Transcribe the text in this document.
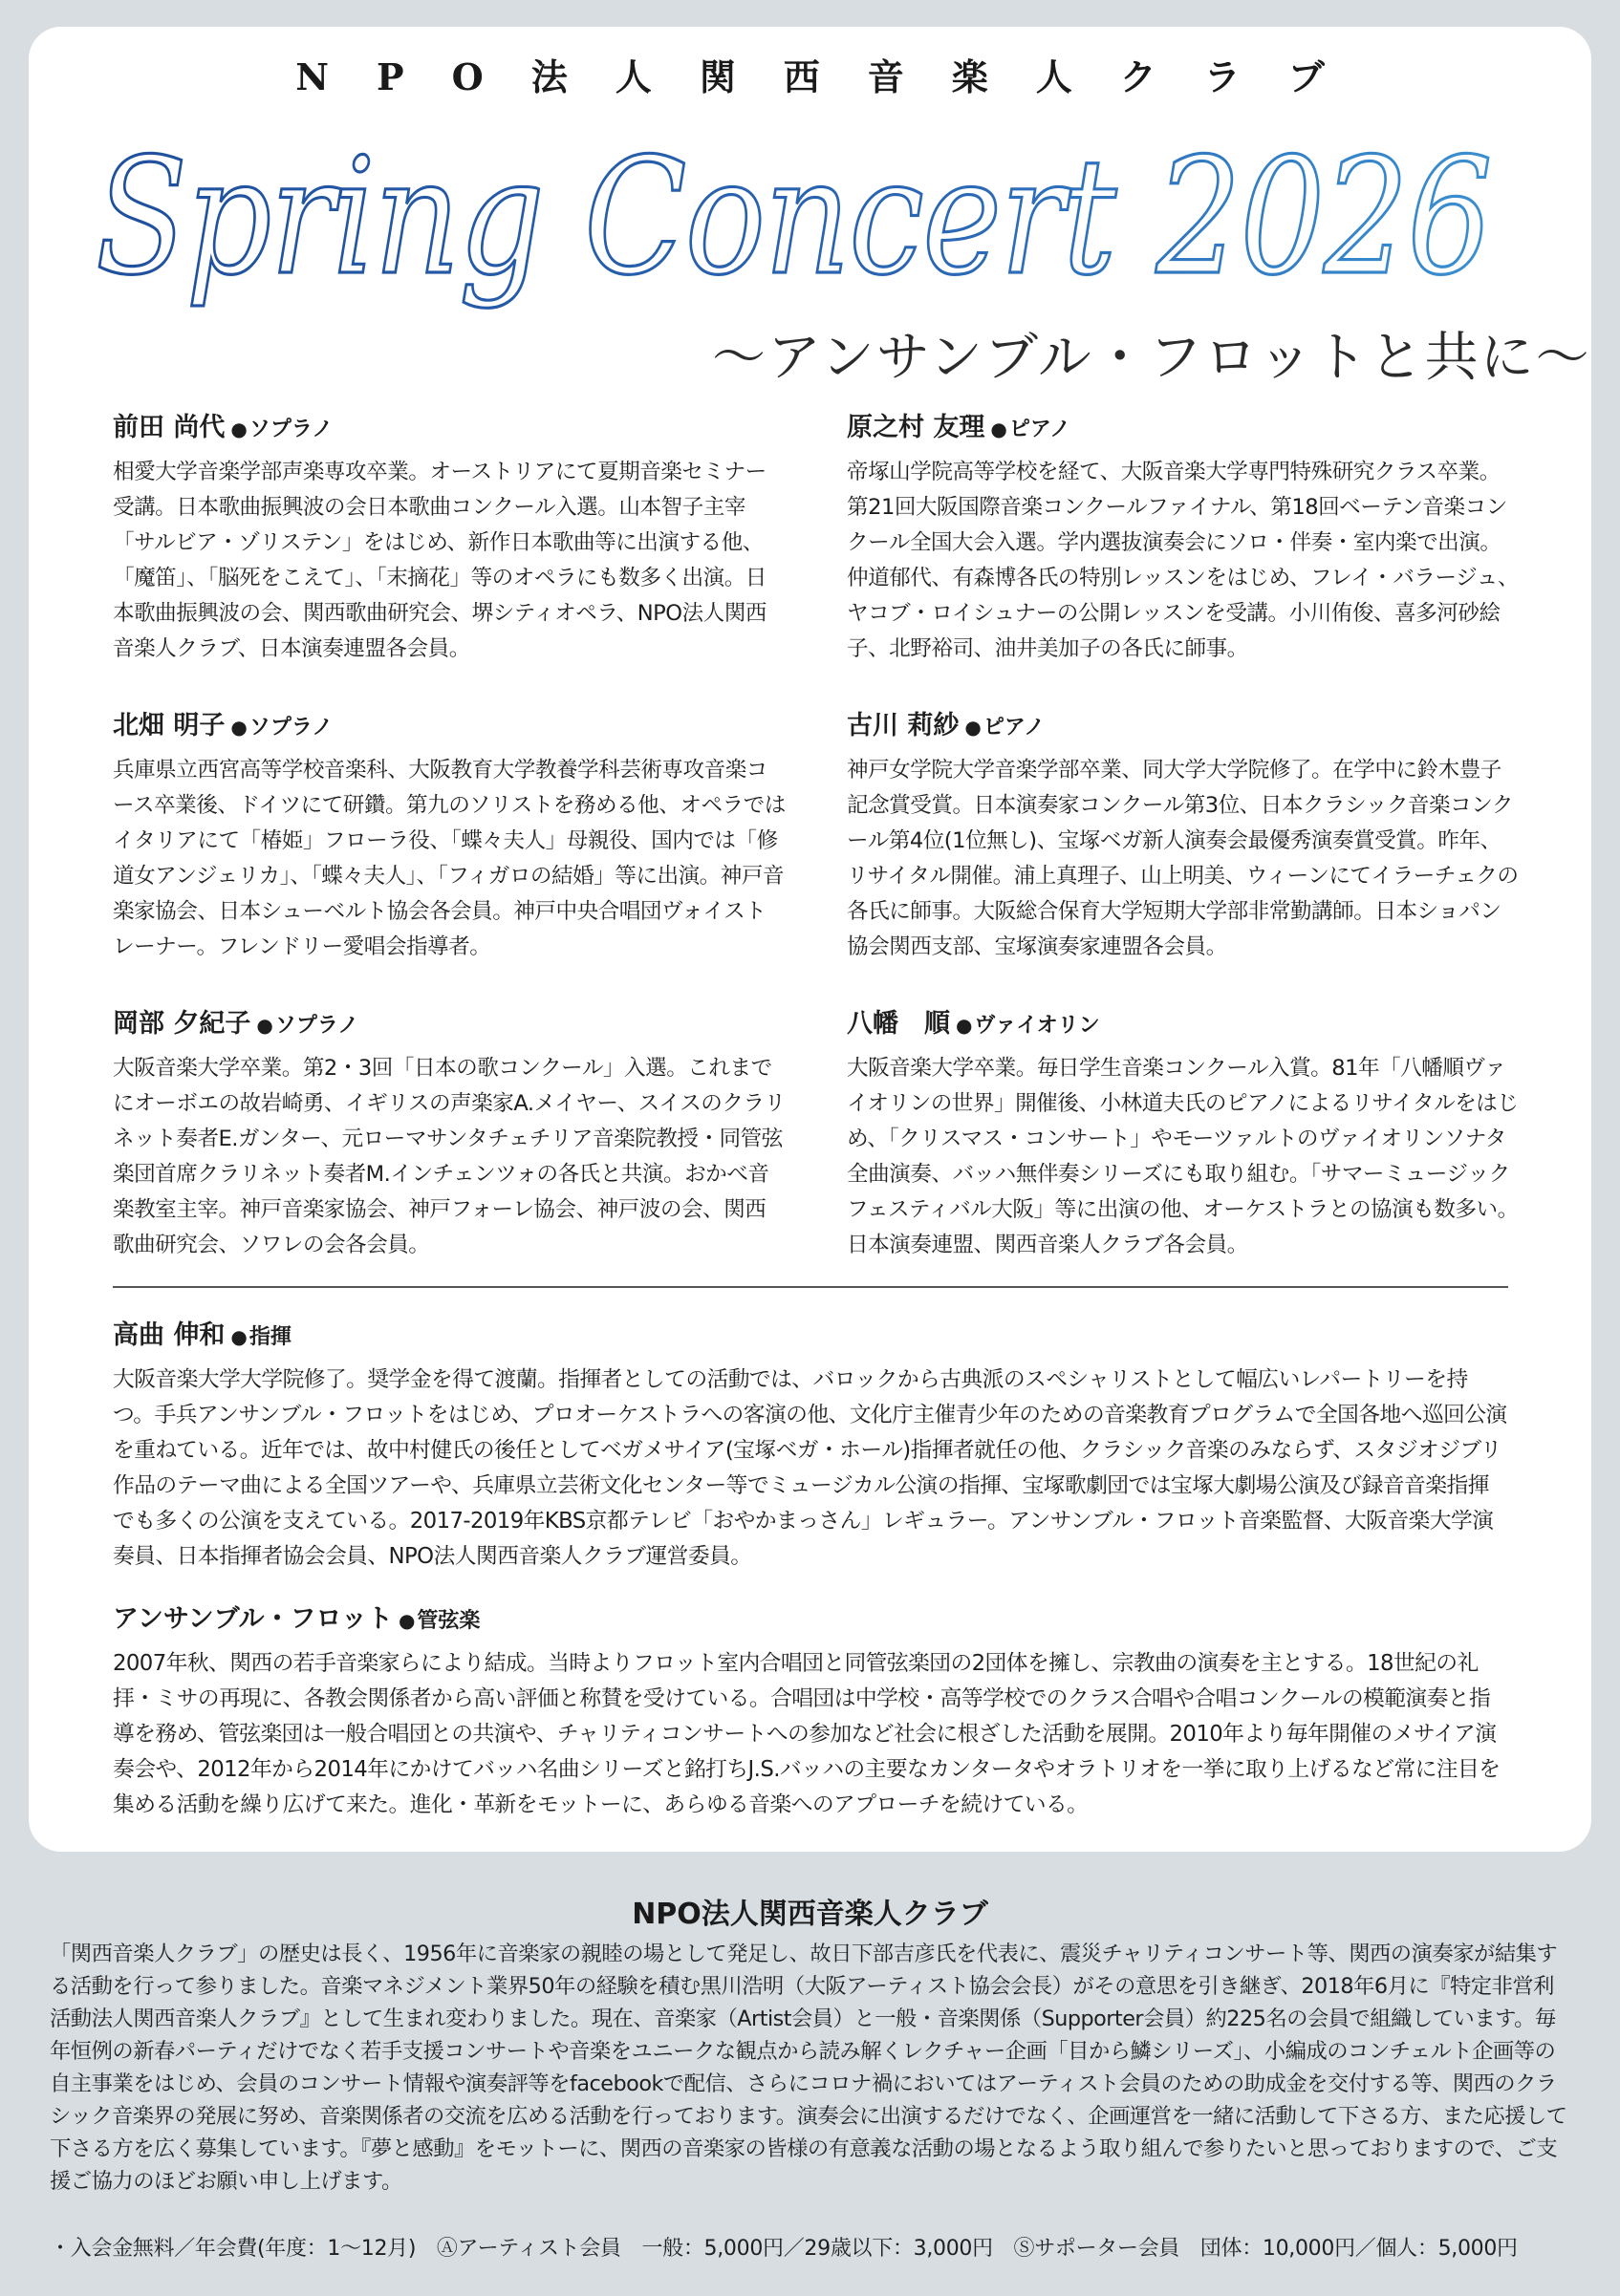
NPO法人関西音楽人クラブ
Spring Concert 2026
〜アンサンブル・フロットと共に〜
前田 尚代 ●ソプラノ

相愛大学音楽学部声楽専攻卒業。オーストリアにて夏期音楽セミナー受講。日本歌曲振興波の会日本歌曲コンクール入選。山本智子主宰「サルビア・ゾリステン」をはじめ、新作日本歌曲等に出演する他、「魔笛」、「脳死をこえて」、「末摘花」等のオペラにも数多く出演。日本歌曲振興波の会、関西歌曲研究会、堺シティオペラ、NPO法人関西音楽人クラブ、日本演奏連盟各会員。

北畑 明子 ●ソプラノ

兵庫県立西宮高等学校音楽科、大阪教育大学教養学科芸術専攻音楽コース卒業後、ドイツにて研鑽。第九のソリストを務める他、オペラではイタリアにて「椿姫」フローラ役、「蝶々夫人」母親役、国内では「修道女アンジェリカ」、「蝶々夫人」、「フィガロの結婚」等に出演。神戸音楽家協会、日本シューベルト協会各会員。神戸中央合唱団ヴォイストレーナー。フレンドリー愛唱会指導者。

岡部 夕紀子 ●ソプラノ

大阪音楽大学卒業。第2・3回「日本の歌コンクール」入選。これまでにオーボエの故岩崎勇、イギリスの声楽家A.メイヤー、スイスのクラリネット奏者E.ガンター、元ローマサンタチェチリア音楽院教授・同管弦楽団首席クラリネット奏者M.インチェンツォの各氏と共演。おかべ音楽教室主宰。神戸音楽家協会、神戸フォーレ協会、神戸波の会、関西歌曲研究会、ソワレの会各会員。

原之村 友理 ●ピアノ

帝塚山学院高等学校を経て、大阪音楽大学専門特殊研究クラス卒業。第21回大阪国際音楽コンクールファイナル、第18回ベーテン音楽コンクール全国大会入選。学内選抜演奏会にソロ・伴奏・室内楽で出演。仲道郁代、有森博各氏の特別レッスンをはじめ、フレイ・バラージュ、ヤコブ・ロイシュナーの公開レッスンを受講。小川侑俊、喜多河砂絵子、北野裕司、油井美加子の各氏に師事。

古川 莉紗 ●ピアノ

神戸女学院大学音楽学部卒業、同大学大学院修了。在学中に鈴木豊子記念賞受賞。日本演奏家コンクール第3位、日本クラシック音楽コンクール第4位(1位無し)、宝塚ベガ新人演奏会最優秀演奏賞受賞。昨年、リサイタル開催。浦上真理子、山上明美、ウィーンにてイラーチェクの各氏に師事。大阪総合保育大学短期大学部非常勤講師。日本ショパン協会関西支部、宝塚演奏家連盟各会員。

八幡　順 ●ヴァイオリン

大阪音楽大学卒業。毎日学生音楽コンクール入賞。81年「八幡順ヴァイオリンの世界」開催後、小林道夫氏のピアノによるリサイタルをはじめ、「クリスマス・コンサート」やモーツァルトのヴァイオリンソナタ全曲演奏、バッハ無伴奏シリーズにも取り組む。「サマーミュージックフェスティバル大阪」等に出演の他、オーケストラとの協演も数多い。日本演奏連盟、関西音楽人クラブ各会員。

高曲 伸和 ●指揮

大阪音楽大学大学院修了。奨学金を得て渡蘭。指揮者としての活動では、バロックから古典派のスペシャリストとして幅広いレパートリーを持つ。手兵アンサンブル・フロットをはじめ、プロオーケストラへの客演の他、文化庁主催青少年のための音楽教育プログラムで全国各地へ巡回公演を重ねている。近年では、故中村健氏の後任としてベガメサイア(宝塚ベガ・ホール)指揮者就任の他、クラシック音楽のみならず、スタジオジブリ作品のテーマ曲による全国ツアーや、兵庫県立芸術文化センター等でミュージカル公演の指揮、宝塚歌劇団では宝塚大劇場公演及び録音音楽指揮でも多くの公演を支えている。2017-2019年KBS京都テレビ「おやかまっさん」レギュラー。アンサンブル・フロット音楽監督、大阪音楽大学演奏員、日本指揮者協会会員、NPO法人関西音楽人クラブ運営委員。

アンサンブル・フロット ●管弦楽

2007年秋、関西の若手音楽家らにより結成。当時よりフロット室内合唱団と同管弦楽団の2団体を擁し、宗教曲の演奏を主とする。18世紀の礼拝・ミサの再現に、各教会関係者から高い評価と称賛を受けている。合唱団は中学校・高等学校でのクラス合唱や合唱コンクールの模範演奏と指導を務め、管弦楽団は一般合唱団との共演や、チャリティコンサートへの参加など社会に根ざした活動を展開。2010年より毎年開催のメサイア演奏会や、2012年から2014年にかけてバッハ名曲シリーズと銘打ちJ.S.バッハの主要なカンタータやオラトリオを一挙に取り上げるなど常に注目を集める活動を繰り広げて来た。進化・革新をモットーに、あらゆる音楽へのアプローチを続けている。

NPO法人関西音楽人クラブ

「関西音楽人クラブ」の歴史は長く、1956年に音楽家の親睦の場として発足し、故日下部吉彦氏を代表に、震災チャリティコンサート等、関西の演奏家が結集する活動を行って参りました。音楽マネジメント業界50年の経験を積む黒川浩明（大阪アーティスト協会会長）がその意思を引き継ぎ、2018年6月に『特定非営利活動法人関西音楽人クラブ』として生まれ変わりました。現在、音楽家（Artist会員）と一般・音楽関係（Supporter会員）約225名の会員で組織しています。毎年恒例の新春パーティだけでなく若手支援コンサートや音楽をユニークな観点から読み解くレクチャー企画「目から鱗シリーズ」、小編成のコンチェルト企画等の自主事業をはじめ、会員のコンサート情報や演奏評等をfacebookで配信、さらにコロナ禍においてはアーティスト会員のための助成金を交付する等、関西のクラシック音楽界の発展に努め、音楽関係者の交流を広める活動を行っております。演奏会に出演するだけでなく、企画運営を一緒に活動して下さる方、また応援して下さる方を広く募集しています。『夢と感動』をモットーに、関西の音楽家の皆様の有意義な活動の場となるよう取り組んで参りたいと思っておりますので、ご支援ご協力のほどお願い申し上げます。

・入会金無料／年会費(年度：1〜12月)　Ⓐアーティスト会員　一般：5,000円／29歳以下：3,000円　Ⓢサポーター会員　団体：10,000円／個人：5,000円
